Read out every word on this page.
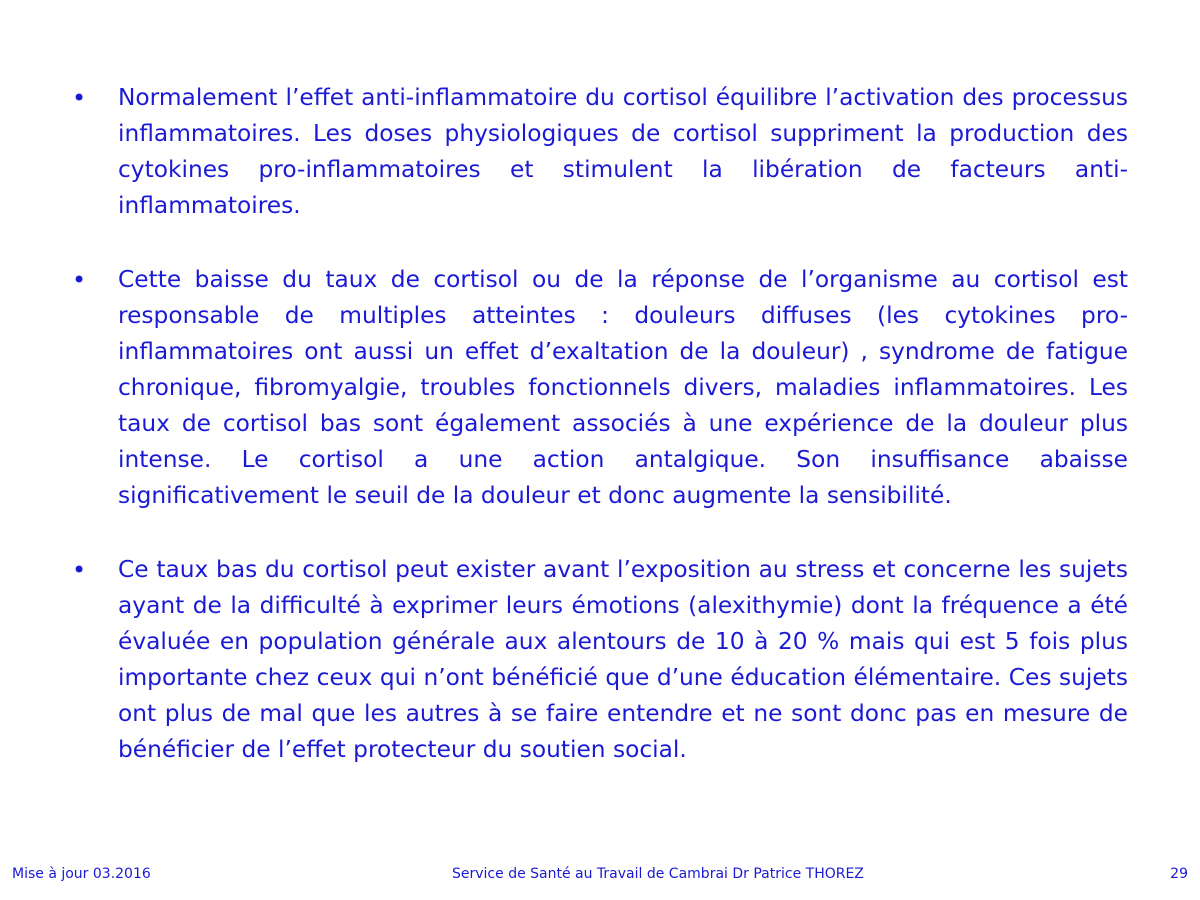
•	Normalement l’effet anti-inflammatoire du cortisol équilibre l’activation des processus inflammatoires. Les doses physiologiques de cortisol suppriment la production des cytokines pro-inflammatoires et stimulent la libération de facteurs anti-inflammatoires.

•	Cette baisse du taux de cortisol ou de la réponse de l’organisme au cortisol est responsable de multiples atteintes : douleurs diffuses (les cytokines pro-inflammatoires ont aussi un effet d’exaltation de la douleur) , syndrome de fatigue chronique, fibromyalgie, troubles fonctionnels divers, maladies inflammatoires. Les taux de cortisol bas sont également associés à une expérience de la douleur plus intense. Le cortisol a une action antalgique. Son insuffisance abaisse significativement le seuil de la douleur et donc augmente la sensibilité.

•	Ce taux bas du cortisol peut exister avant l’exposition au stress et concerne les sujets ayant de la difficulté à exprimer leurs émotions (alexithymie) dont la fréquence a été évaluée en population générale aux alentours de 10 à 20 % mais qui est 5 fois plus importante chez ceux qui n’ont bénéficié que d’une éducation élémentaire. Ces sujets ont plus de mal que les autres à se faire entendre et ne sont donc pas en mesure de bénéficier de l’effet protecteur du soutien social.

Mise à jour 03.2016	Service de Santé au Travail de Cambrai Dr Patrice THOREZ	29
